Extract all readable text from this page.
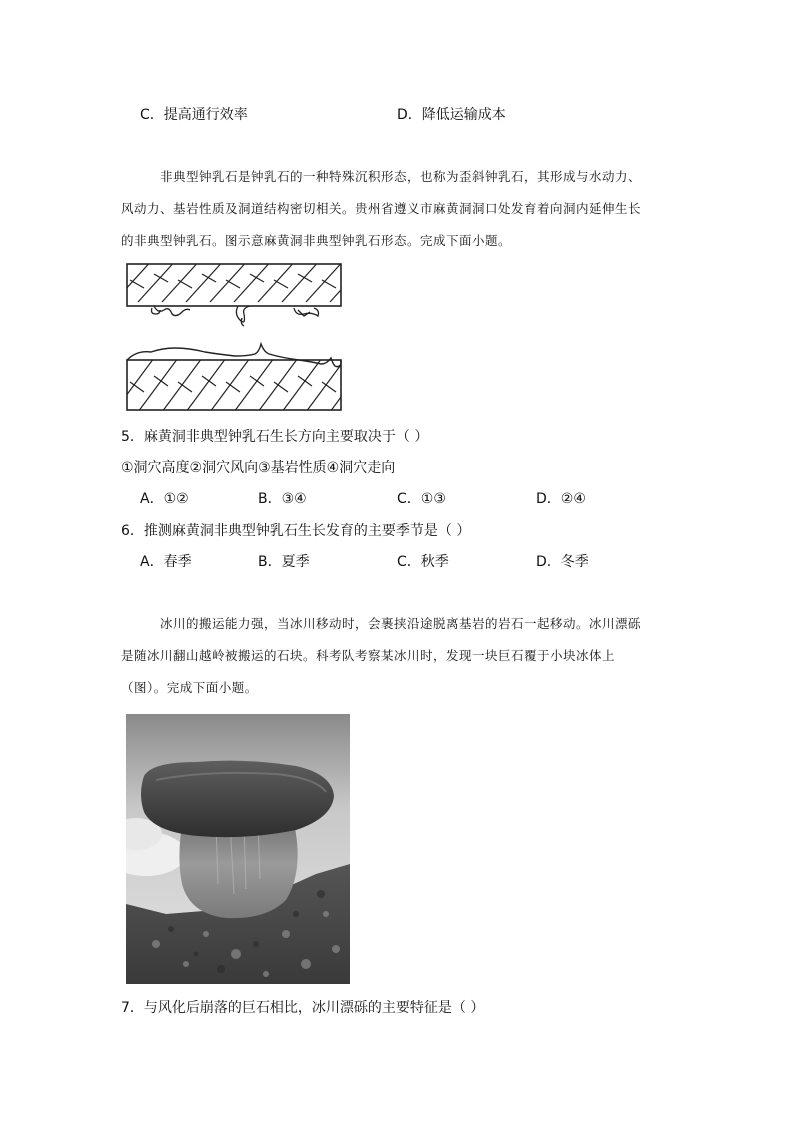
C．提高通行效率	D．降低运输成本
非典型钟乳石是钟乳石的一种特殊沉积形态，也称为歪斜钟乳石，其形成与水动力、
风动力、基岩性质及洞道结构密切相关。贵州省遵义市麻黄洞洞口处发育着向洞内延伸生长
的非典型钟乳石。图示意麻黄洞非典型钟乳石形态。完成下面小题。
5．麻黄洞非典型钟乳石生长方向主要取决于（ ）
①洞穴高度②洞穴风向③基岩性质④洞穴走向
A．①②	B．③④	C．①③	D．②④
6．推测麻黄洞非典型钟乳石生长发育的主要季节是（ ）
A．春季	B．夏季	C．秋季	D．冬季
冰川的搬运能力强，当冰川移动时，会裹挟沿途脱离基岩的岩石一起移动。冰川漂砾
是随冰川翻山越岭被搬运的石块。科考队考察某冰川时，发现一块巨石覆于小块冰体上
（图）。完成下面小题。
7．与风化后崩落的巨石相比，冰川漂砾的主要特征是（ ）
